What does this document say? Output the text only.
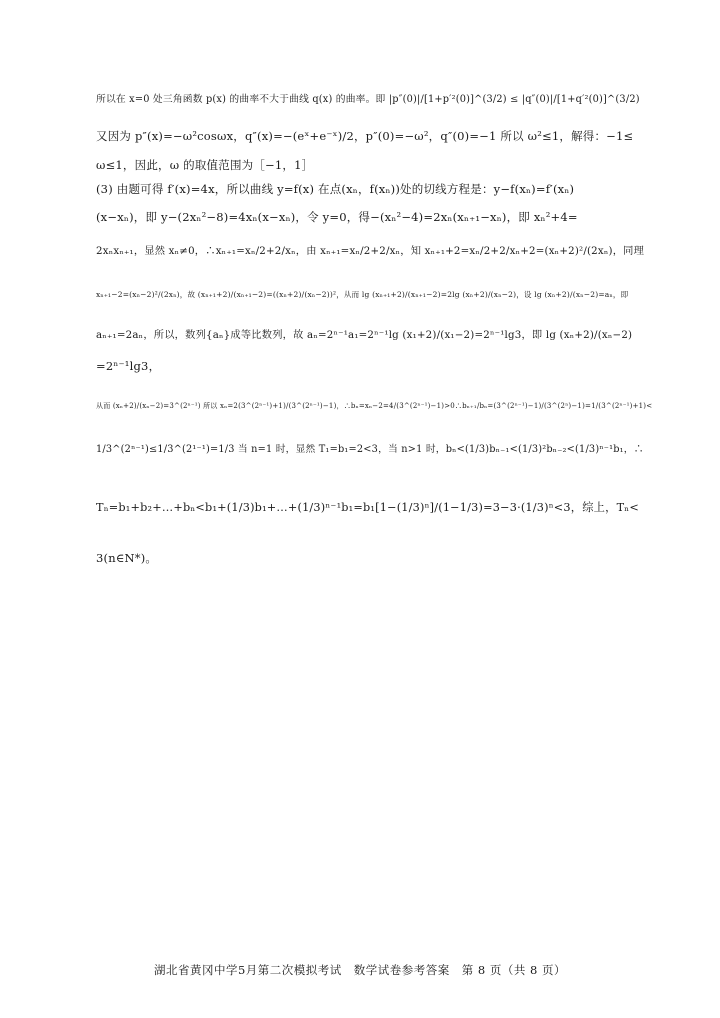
所以在 x=0 处三角函数 p(x) 的曲率不大于曲线 q(x) 的曲率。即 |p″(0)|/[1+p′²(0)]^(3/2) ≤ |q″(0)|/[1+q′²(0)]^(3/2)
又因为 p″(x)=−ω²cosωx，q″(x)=−(eˣ+e⁻ˣ)/2，p″(0)=−ω²，q″(0)=−1 所以 ω²≤1，解得：−1≤
ω≤1，因此，ω 的取值范围为［−1，1］
(3) 由题可得 f′(x)=4x，所以曲线 y=f(x) 在点(xₙ，f(xₙ))处的切线方程是：y−f(xₙ)=f′(xₙ)
(x−xₙ)，即 y−(2xₙ²−8)=4xₙ(x−xₙ)，令 y=0，得−(xₙ²−4)=2xₙ(xₙ₊₁−xₙ)，即 xₙ²+4=
2xₙxₙ₊₁，显然 xₙ≠0，∴xₙ₊₁=xₙ/2+2/xₙ，由 xₙ₊₁=xₙ/2+2/xₙ，知 xₙ₊₁+2=xₙ/2+2/xₙ+2=(xₙ+2)²/(2xₙ)，同理
xₙ₊₁−2=(xₙ−2)²/(2xₙ)，故 (xₙ₊₁+2)/(xₙ₊₁−2)=((xₙ+2)/(xₙ−2))²，从而 lg (xₙ₊₁+2)/(xₙ₊₁−2)=2lg (xₙ+2)/(xₙ−2)，设 lg (xₙ+2)/(xₙ−2)=aₙ，即
aₙ₊₁=2aₙ，所以，数列{aₙ}成等比数列，故 aₙ=2ⁿ⁻¹a₁=2ⁿ⁻¹lg (x₁+2)/(x₁−2)=2ⁿ⁻¹lg3，即 lg (xₙ+2)/(xₙ−2)
=2ⁿ⁻¹lg3，
从而 (xₙ+2)/(xₙ−2)=3^(2ⁿ⁻¹) 所以 xₙ=2(3^(2ⁿ⁻¹)+1)/(3^(2ⁿ⁻¹)−1)，∴bₙ=xₙ−2=4/(3^(2ⁿ⁻¹)−1)>0∴bₙ₊₁/bₙ=(3^(2ⁿ⁻¹)−1)/(3^(2ⁿ)−1)=1/(3^(2ⁿ⁻¹)+1)<
1/3^(2ⁿ⁻¹)≤1/3^(2¹⁻¹)=1/3 当 n=1 时，显然 T₁=b₁=2<3，当 n>1 时，bₙ<(1/3)bₙ₋₁<(1/3)²bₙ₋₂<(1/3)ⁿ⁻¹b₁，∴
Tₙ=b₁+b₂+…+bₙ<b₁+(1/3)b₁+…+(1/3)ⁿ⁻¹b₁=b₁[1−(1/3)ⁿ]/(1−1/3)=3−3·(1/3)ⁿ<3，综上，Tₙ<
3(n∈N*)。
湖北省黄冈中学5月第二次模拟考试　数学试卷参考答案　第 8 页（共 8 页）
